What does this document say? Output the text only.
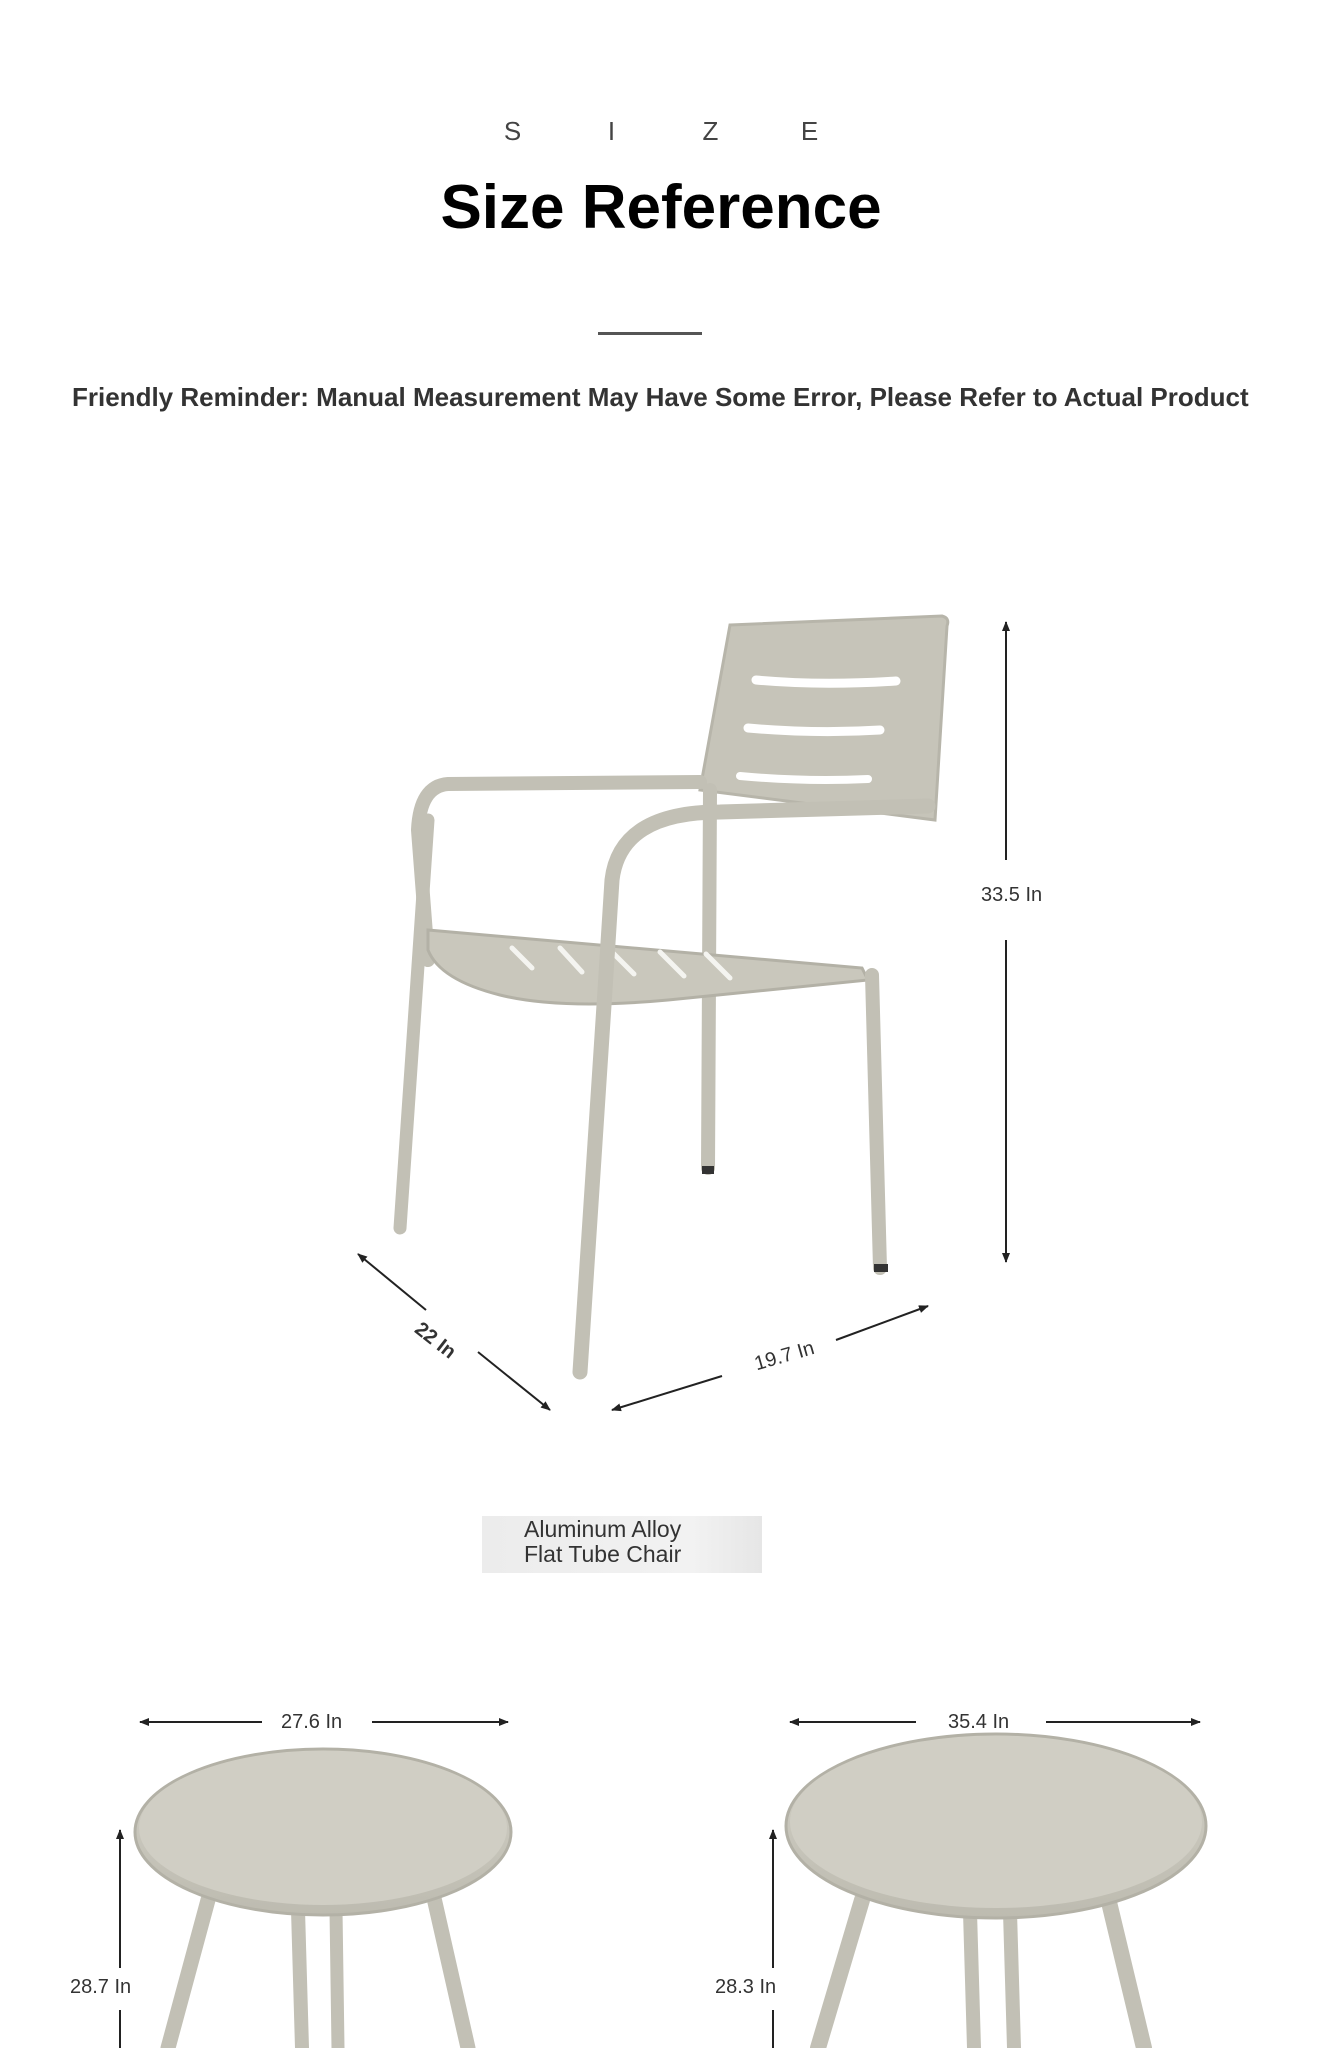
S	I	Z	E
Size Reference
Friendly Reminder: Manual Measurement May Have Some Error, Please Refer to Actual Product
33.5 In
22 In	19.7 In
Aluminum Alloy
Flat Tube Chair
27.6 In
28.7 In
35.4 In
28.3 In
